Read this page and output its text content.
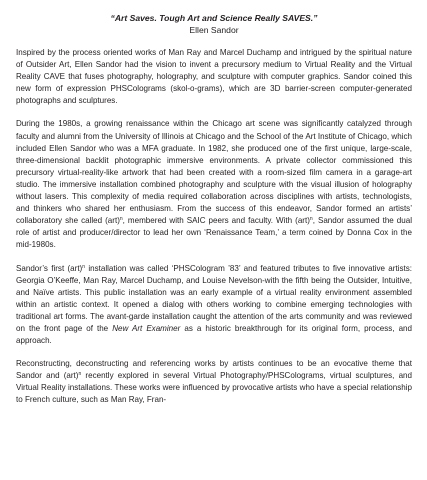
“Art Saves. Tough Art and Science Really SAVES.”

Ellen Sandor

Inspired by the process oriented works of Man Ray and Marcel Duchamp and intrigued by the spiritual nature of Outsider Art, Ellen Sandor had the vision to invent a precursory medium to Virtual Reality and the Virtual Reality CAVE that fuses photography, holography, and sculpture with computer graphics. Sandor coined this new form of expression PHSColograms (skol-o-grams), which are 3D barrier-screen computer-generated photographs and sculptures.

During the 1980s, a growing renaissance within the Chicago art scene was significantly catalyzed through faculty and alumni from the University of Illinois at Chicago and the School of the Art Institute of Chicago, which included Ellen Sandor who was a MFA graduate. In 1982, she produced one of the first unique, large-scale, three-dimensional backlit photographic immersive environments. A private collector commissioned this precursory virtual-reality-like artwork that had been created with a room-sized film camera in a garage-art studio. The immersive installation combined photography and sculpture with the visual illusion of holography without lasers. This complexity of media required collaboration across disciplines with artists, technologists, and thinkers who shared her enthusiasm. From the success of this endeavor, Sandor formed an artists’ collaboratory she called (art)$^n$, membered with SAIC peers and faculty. With (art)$^n$, Sandor assumed the dual role of artist and producer/director to lead her own ‘Renaissance Team,’ a term coined by Donna Cox in the mid-1980s.

Sandor’s first (art)$^n$ installation was called ‘PHSCologram ’83’ and featured tributes to five innovative artists: Georgia O’Keeffe, Man Ray, Marcel Duchamp, and Louise Nevelson-with the fifth being the Outsider, Intuitive, and Naïve artists. This public installation was an early example of a virtual reality environment assembled within an artistic context. It opened a dialog with others working to combine emerging technologies with traditional art forms. The avant-garde installation caught the attention of the arts community and was reviewed on the front page of the New Art Examiner as a historic breakthrough for its original form, process, and approach.

Reconstructing, deconstructing and referencing works by artists continues to be an evocative theme that Sandor and (art)$^n$ recently explored in several Virtual Photography/PHSColograms, virtual sculptures, and Virtual Reality installations. These works were influenced by provocative artists who have a special relationship to French culture, such as Man Ray, Fran-
